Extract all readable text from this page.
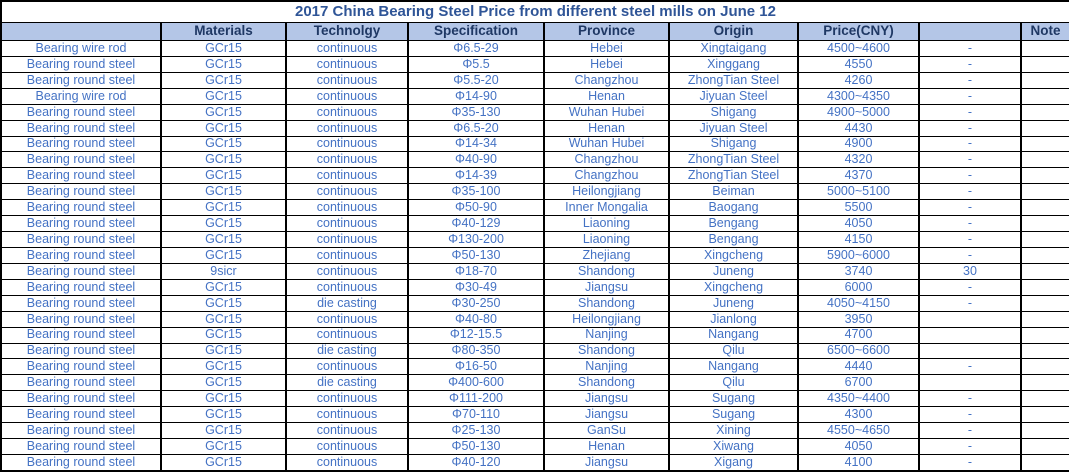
2017 China Bearing Steel Price from different steel mills on June 12								
	Materials	Technolgy	Specification	Province	Origin	Price(CNY)		Note
Bearing wire rod	GCr15	continuous	Φ6.5-29	Hebei	Xingtaigang	4500~4600	-	
Bearing round steel	GCr15	continuous	Φ5.5	Hebei	Xinggang	4550	-	
Bearing round steel	GCr15	continuous	Φ5.5-20	Changzhou	ZhongTian Steel	4260	-	
Bearing wire rod	GCr15	continuous	Φ14-90	Henan	Jiyuan Steel	4300~4350	-	
Bearing round steel	GCr15	continuous	Φ35-130	Wuhan Hubei	Shigang	4900~5000	-	
Bearing round steel	GCr15	continuous	Φ6.5-20	Henan	Jiyuan Steel	4430	-	
Bearing round steel	GCr15	continuous	Φ14-34	Wuhan Hubei	Shigang	4900	-	
Bearing round steel	GCr15	continuous	Φ40-90	Changzhou	ZhongTian Steel	4320	-	
Bearing round steel	GCr15	continuous	Φ14-39	Changzhou	ZhongTian Steel	4370	-	
Bearing round steel	GCr15	continuous	Φ35-100	Heilongjiang	Beiman	5000~5100	-	
Bearing round steel	GCr15	continuous	Φ50-90	Inner Mongalia	Baogang	5500	-	
Bearing round steel	GCr15	continuous	Φ40-129	Liaoning	Bengang	4050	-	
Bearing round steel	GCr15	continuous	Φ130-200	Liaoning	Bengang	4150	-	
Bearing round steel	GCr15	continuous	Φ50-130	Zhejiang	Xingcheng	5900~6000	-	
Bearing round steel	9sicr	continuous	Φ18-70	Shandong	Juneng	3740	30	
Bearing round steel	GCr15	continuous	Φ30-49	Jiangsu	Xingcheng	6000	-	
Bearing round steel	GCr15	die casting	Φ30-250	Shandong	Juneng	4050~4150	-	
Bearing round steel	GCr15	continuous	Φ40-80	Heilongjiang	Jianlong	3950		
Bearing round steel	GCr15	continuous	Φ12-15.5	Nanjing	Nangang	4700		
Bearing round steel	GCr15	die casting	Φ80-350	Shandong	Qilu	6500~6600		
Bearing round steel	GCr15	continuous	Φ16-50	Nanjing	Nangang	4440	-	
Bearing round steel	GCr15	die casting	Φ400-600	Shandong	Qilu	6700		
Bearing round steel	GCr15	continuous	Φ111-200	Jiangsu	Sugang	4350~4400	-	
Bearing round steel	GCr15	continuous	Φ70-110	Jiangsu	Sugang	4300	-	
Bearing round steel	GCr15	continuous	Φ25-130	GanSu	Xining	4550~4650	-	
Bearing round steel	GCr15	continuous	Φ50-130	Henan	Xiwang	4050	-	
Bearing round steel	GCr15	continuous	Φ40-120	Jiangsu	Xigang	4100	-	
